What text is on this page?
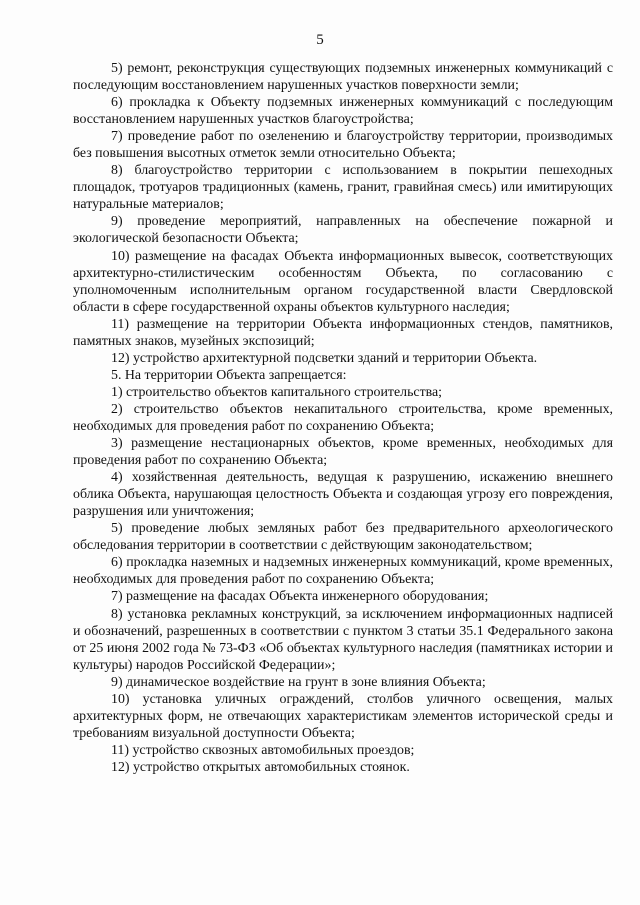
5

5) ремонт, реконструкция существующих подземных инженерных коммуникаций с последующим восстановлением нарушенных участков поверхности земли;

6) прокладка к Объекту подземных инженерных коммуникаций с последующим восстановлением нарушенных участков благоустройства;

7) проведение работ по озеленению и благоустройству территории, производимых без повышения высотных отметок земли относительно Объекта;

8) благоустройство территории с использованием в покрытии пешеходных площадок, тротуаров традиционных (камень, гранит, гравийная смесь) или имитирующих натуральные материалов;

9) проведение мероприятий, направленных на обеспечение пожарной и экологической безопасности Объекта;

10) размещение на фасадах Объекта информационных вывесок, соответствующих архитектурно-стилистическим особенностям Объекта, по согласованию с уполномоченным исполнительным органом государственной власти Свердловской области в сфере государственной охраны объектов культурного наследия;

11) размещение на территории Объекта информационных стендов, памятников, памятных знаков, музейных экспозиций;

12) устройство архитектурной подсветки зданий и территории Объекта.

5. На территории Объекта запрещается:

1) строительство объектов капитального строительства;

2) строительство объектов некапитального строительства, кроме временных, необходимых для проведения работ по сохранению Объекта;

3) размещение нестационарных объектов, кроме временных, необходимых для проведения работ по сохранению Объекта;

4) хозяйственная деятельность, ведущая к разрушению, искажению внешнего облика Объекта, нарушающая целостность Объекта и создающая угрозу его повреждения, разрушения или уничтожения;

5) проведение любых земляных работ без предварительного археологического обследования территории в соответствии с действующим законодательством;

6) прокладка наземных и надземных инженерных коммуникаций, кроме временных, необходимых для проведения работ по сохранению Объекта;

7) размещение на фасадах Объекта инженерного оборудования;

8) установка рекламных конструкций, за исключением информационных надписей и обозначений, разрешенных в соответствии с пунктом 3 статьи 35.1 Федерального закона от 25 июня 2002 года № 73-ФЗ «Об объектах культурного наследия (памятниках истории и культуры) народов Российской Федерации»;

9) динамическое воздействие на грунт в зоне влияния Объекта;

10) установка уличных ограждений, столбов уличного освещения, малых архитектурных форм, не отвечающих характеристикам элементов исторической среды и требованиям визуальной доступности Объекта;

11) устройство сквозных автомобильных проездов;

12) устройство открытых автомобильных стоянок.
